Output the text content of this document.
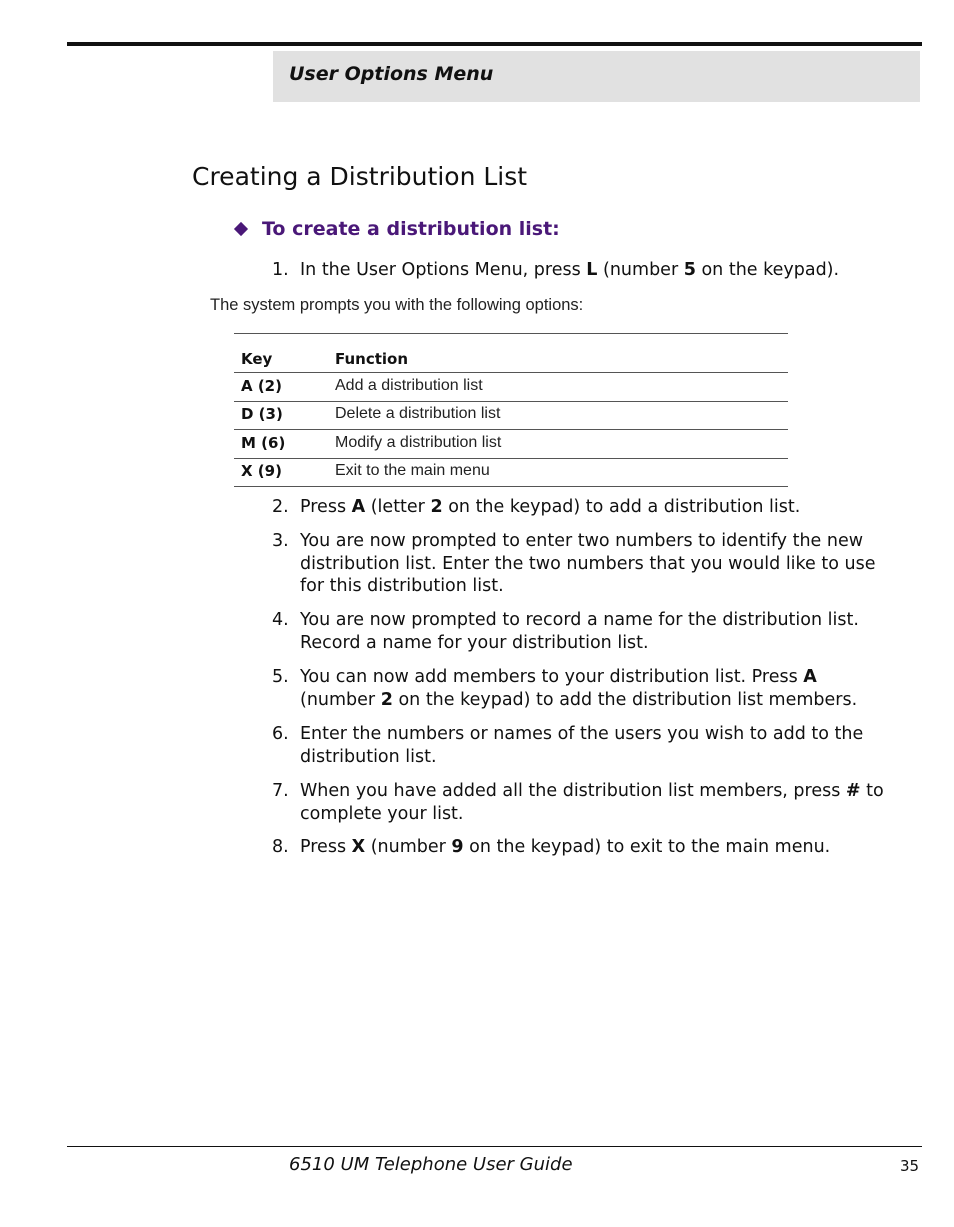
User Options Menu
Creating a Distribution List
To create a distribution list:
1. In the User Options Menu, press L (number 5 on the keypad).
The system prompts you with the following options:
Key	Function
A (2)	Add a distribution list
D (3)	Delete a distribution list
M (6)	Modify a distribution list
X (9)	Exit to the main menu
2. Press A (letter 2 on the keypad) to add a distribution list.
3. You are now prompted to enter two numbers to identify the new distribution list. Enter the two numbers that you would like to use for this distribution list.
4. You are now prompted to record a name for the distribution list. Record a name for your distribution list.
5. You can now add members to your distribution list. Press A (number 2 on the keypad) to add the distribution list members.
6. Enter the numbers or names of the users you wish to add to the distribution list.
7. When you have added all the distribution list members, press # to complete your list.
8. Press X (number 9 on the keypad) to exit to the main menu.
6510 UM Telephone User Guide	35
